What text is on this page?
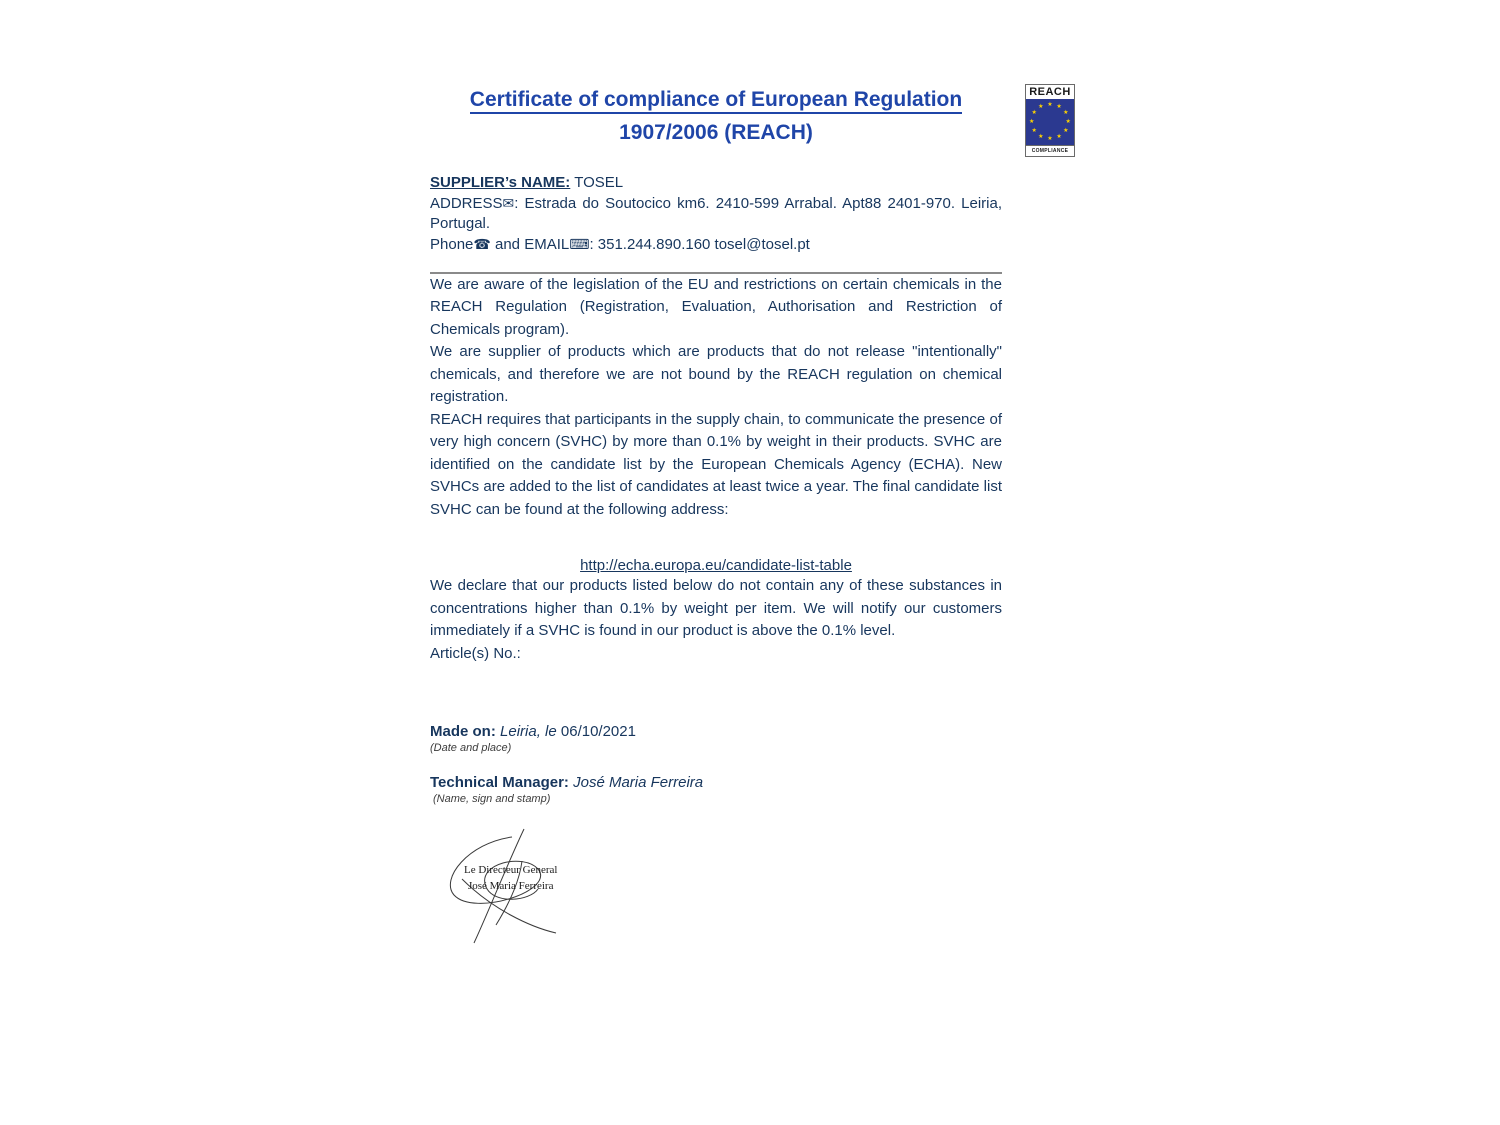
REACH
★ ★
★
★
★
★
★
★
★
★
★
★
COMPLIANCE
Certificate of compliance of European Regulation
1907/2006 (REACH)
SUPPLIER’s NAME: TOSEL
ADDRESS✉: Estrada do Soutocico km6. 2410-599 Arrabal. Apt88 2401-970. Leiria, Portugal.
Phone☎ and EMAIL⌨: 351.244.890.160 tosel@tosel.pt

We are aware of the legislation of the EU and restrictions on certain chemicals in the REACH Regulation (Registration, Evaluation, Authorisation and Restriction of Chemicals program).

We are supplier of products which are products that do not release "intentionally" chemicals, and therefore we are not bound by the REACH regulation on chemical registration.

REACH requires that participants in the supply chain, to communicate the presence of very high concern (SVHC) by more than 0.1% by weight in their products. SVHC are identified on the candidate list by the European Chemicals Agency (ECHA). New SVHCs are added to the list of candidates at least twice a year. The final candidate list SVHC can be found at the following address:

http://echa.europa.eu/candidate-list-table

We declare that our products listed below do not contain any of these substances in concentrations higher than 0.1% by weight per item. We will notify our customers immediately if a SVHC is found in our product is above the 0.1% level.

Article(s) No.:

Made on: Leiria, le 06/10/2021
(Date and place)
Technical Manager: José Maria Ferreira
(Name, sign and stamp)
Le Directeur General
José Maria Ferreira
